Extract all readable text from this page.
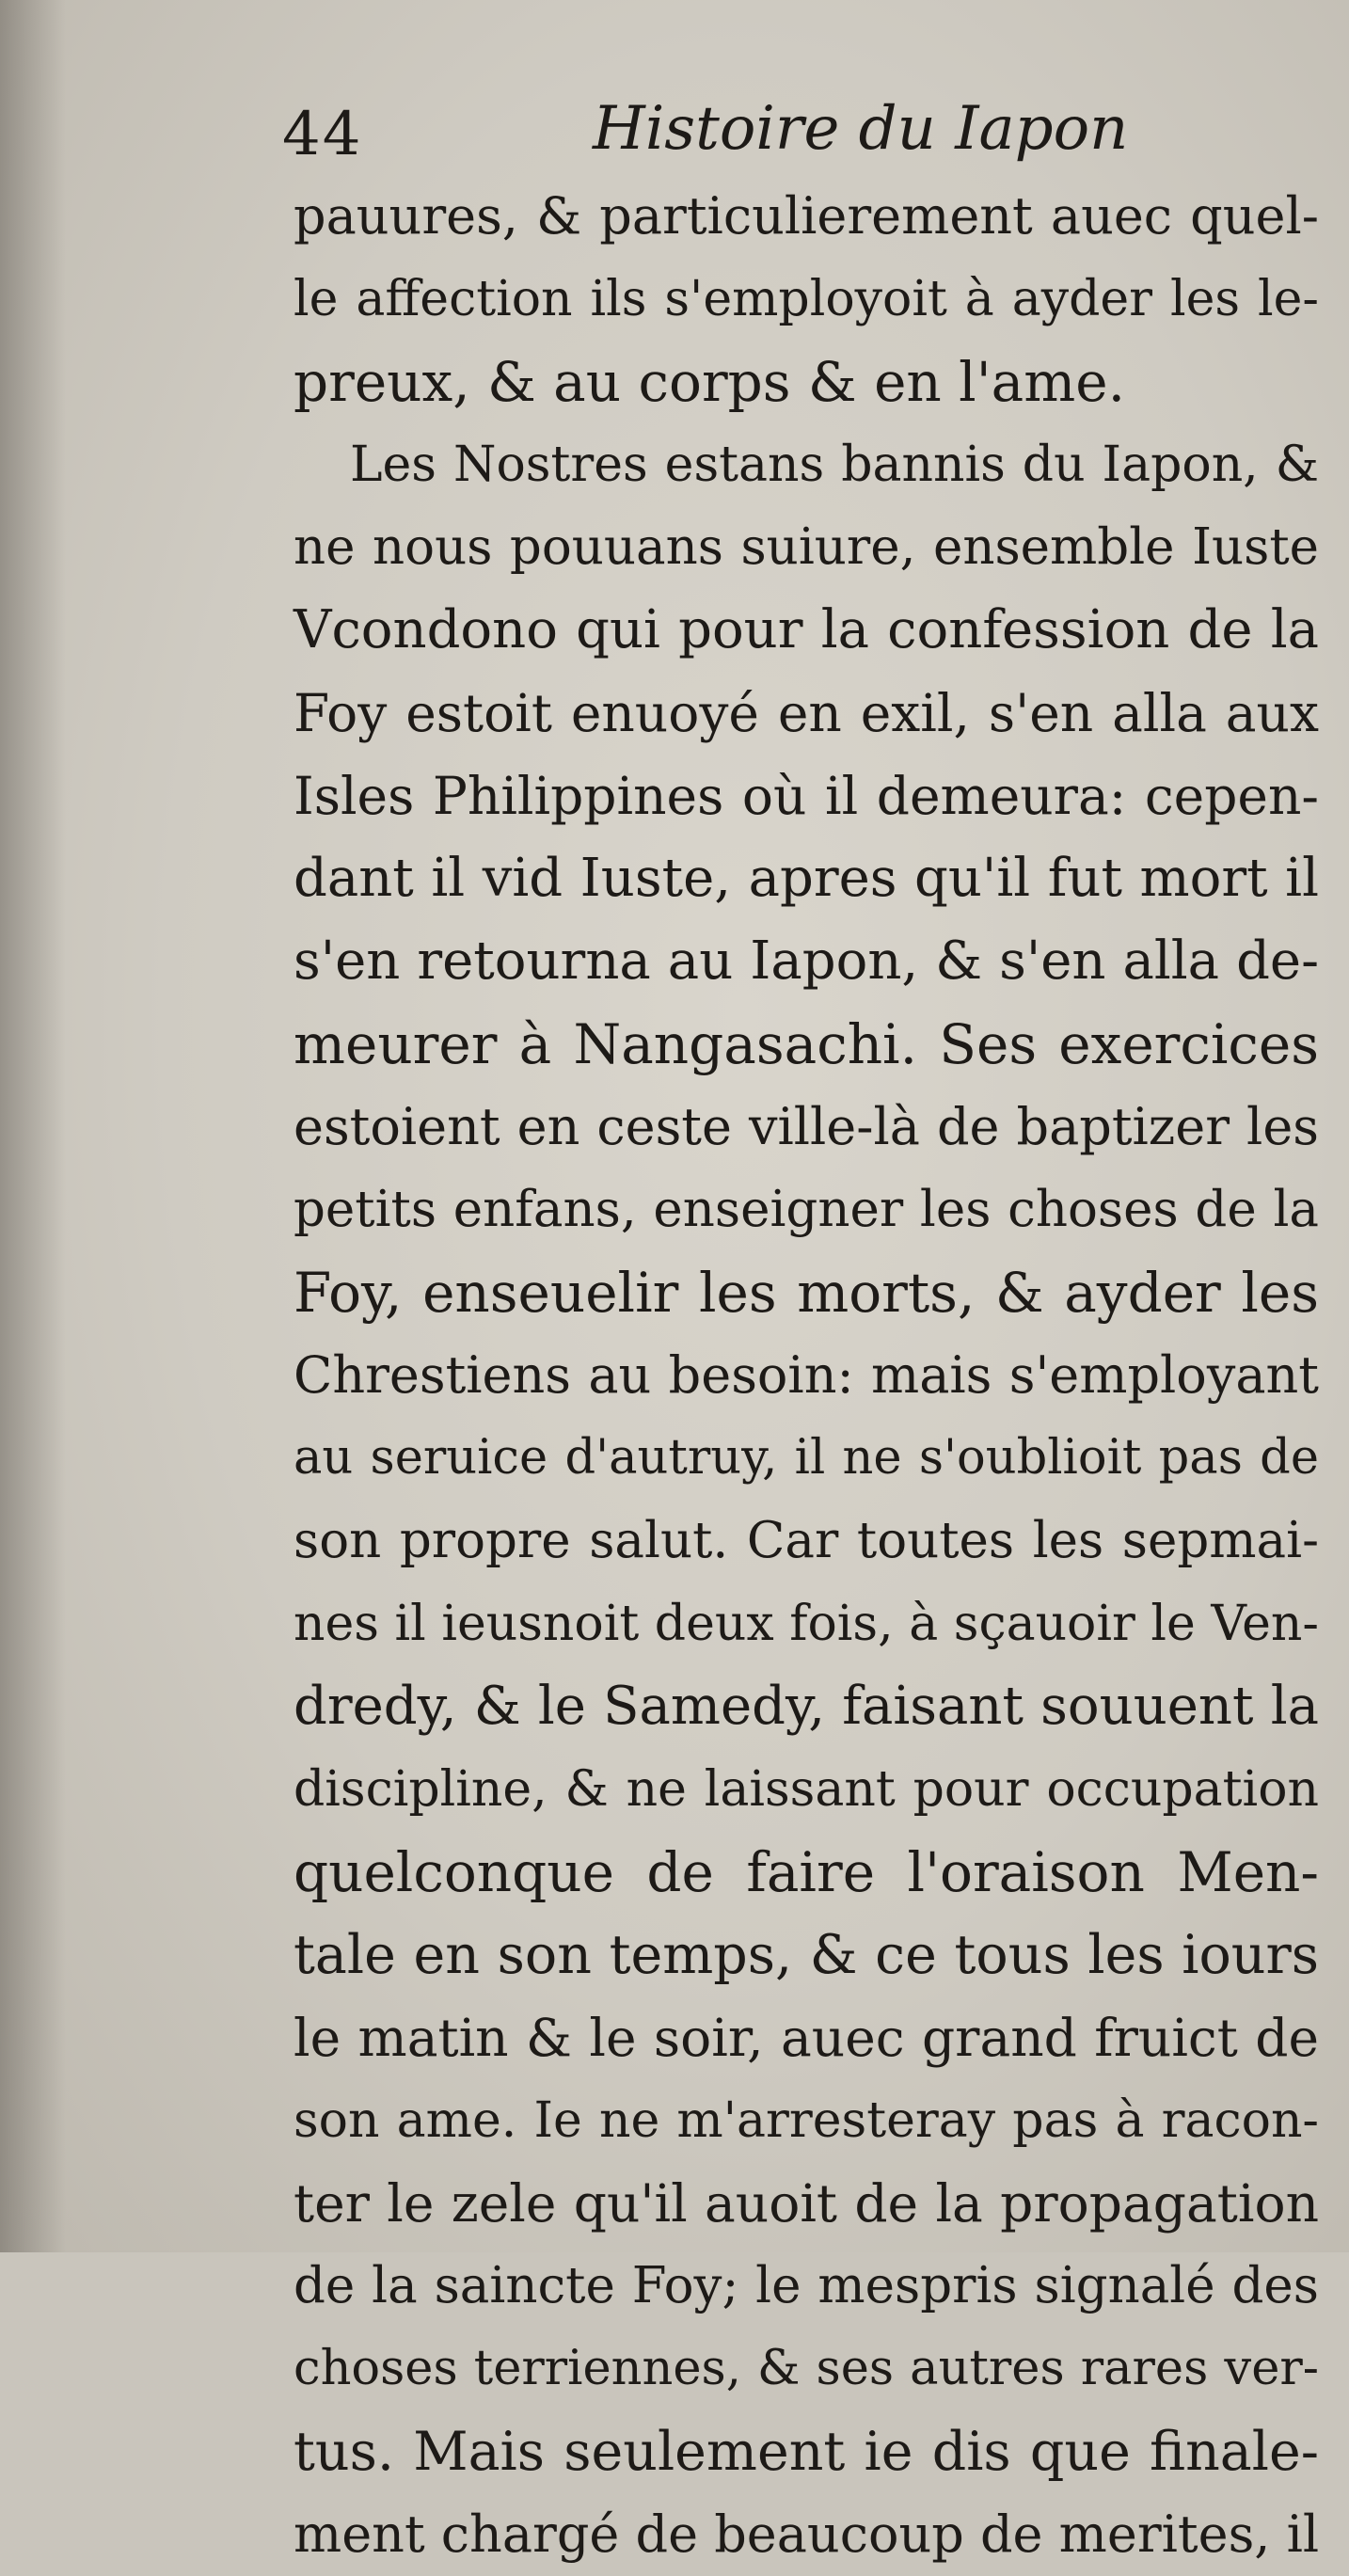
44	Histoire du Iapon
pauures, & particulierement auec quel-
le affection ils s'employoit à ayder les le-
preux, & au corps & en l'ame.
Les Nostres estans bannis du Iapon, &
ne nous pouuans suiure, ensemble Iuste
Vcondono qui pour la confession de la
Foy estoit enuoyé en exil, s'en alla aux
Isles Philippines où il demeura: cepen-
dant il vid Iuste, apres qu'il fut mort il
s'en retourna au Iapon, & s'en alla de-
meurer à Nangasachi. Ses exercices
estoient en ceste ville-là de baptizer les
petits enfans, enseigner les choses de la
Foy, enseuelir les morts, & ayder les
Chrestiens au besoin: mais s'employant
au seruice d'autruy, il ne s'oublioit pas de
son propre salut. Car toutes les sepmai-
nes il ieusnoit deux fois, à sçauoir le Ven-
dredy, & le Samedy, faisant souuent la
discipline, & ne laissant pour occupation
quelconque de faire l'oraison Men-
tale en son temps, & ce tous les iours
le matin & le soir, auec grand fruict de
son ame. Ie ne m'arresteray pas à racon-
ter le zele qu'il auoit de la propagation
de la saincte Foy; le mespris signalé des
choses terriennes, & ses autres rares ver-
tus. Mais seulement ie dis que finale-
ment chargé de beaucoup de merites, il
